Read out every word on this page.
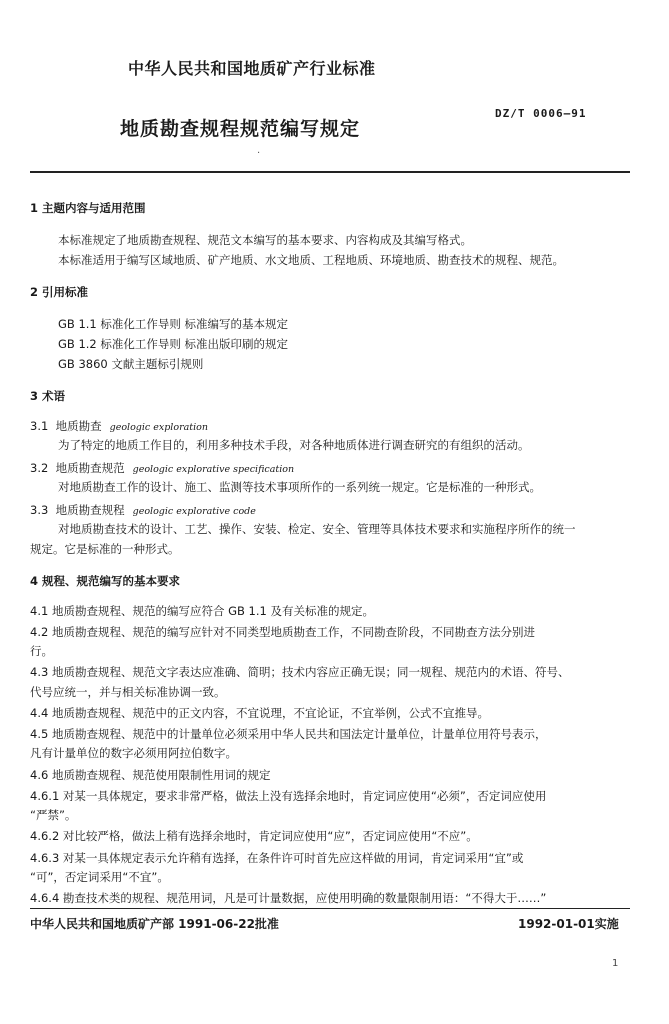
中华人民共和国地质矿产行业标准
地质勘查规程规范编写规定
DZ/T 0006—91
·
1 主题内容与适用范围
本标准规定了地质勘查规程、规范文本编写的基本要求、内容构成及其编写格式。
本标准适用于编写区域地质、矿产地质、水文地质、工程地质、环境地质、勘查技术的规程、规范。
2 引用标准
GB 1.1 标准化工作导则 标准编写的基本规定
GB 1.2 标准化工作导则 标准出版印刷的规定
GB 3860 文献主题标引规则
3 术语
3.1 地质勘查 geologic exploration
为了特定的地质工作目的，利用多种技术手段，对各种地质体进行调查研究的有组织的活动。
3.2 地质勘查规范 geologic explorative specification
对地质勘查工作的设计、施工、监测等技术事项所作的一系列统一规定。它是标准的一种形式。
3.3 地质勘查规程 geologic explorative code
对地质勘查技术的设计、工艺、操作、安装、检定、安全、管理等具体技术要求和实施程序所作的统一
规定。它是标准的一种形式。
4 规程、规范编写的基本要求
4.1 地质勘查规程、规范的编写应符合 GB 1.1 及有关标准的规定。
4.2 地质勘查规程、规范的编写应针对不同类型地质勘查工作，不同勘查阶段，不同勘查方法分别进
行。
4.3 地质勘查规程、规范文字表达应准确、简明；技术内容应正确无误；同一规程、规范内的术语、符号、
代号应统一，并与相关标准协调一致。
4.4 地质勘查规程、规范中的正文内容，不宜说理，不宜论证，不宜举例，公式不宜推导。
4.5 地质勘查规程、规范中的计量单位必须采用中华人民共和国法定计量单位，计量单位用符号表示，
凡有计量单位的数字必须用阿拉伯数字。
4.6 地质勘查规程、规范使用限制性用词的规定
4.6.1 对某一具体规定，要求非常严格，做法上没有选择余地时，肯定词应使用“必须”，否定词应使用
“严禁”。
4.6.2 对比较严格，做法上稍有选择余地时，肯定词应使用“应”，否定词应使用“不应”。
4.6.3 对某一具体规定表示允许稍有选择，在条件许可时首先应这样做的用词，肯定词采用“宜”或
“可”，否定词采用“不宜”。
4.6.4 勘查技术类的规程、规范用词，凡是可计量数据，应使用明确的数量限制用语：“不得大于……”
中华人民共和国地质矿产部 1991-06-22批准	1992-01-01实施
1
